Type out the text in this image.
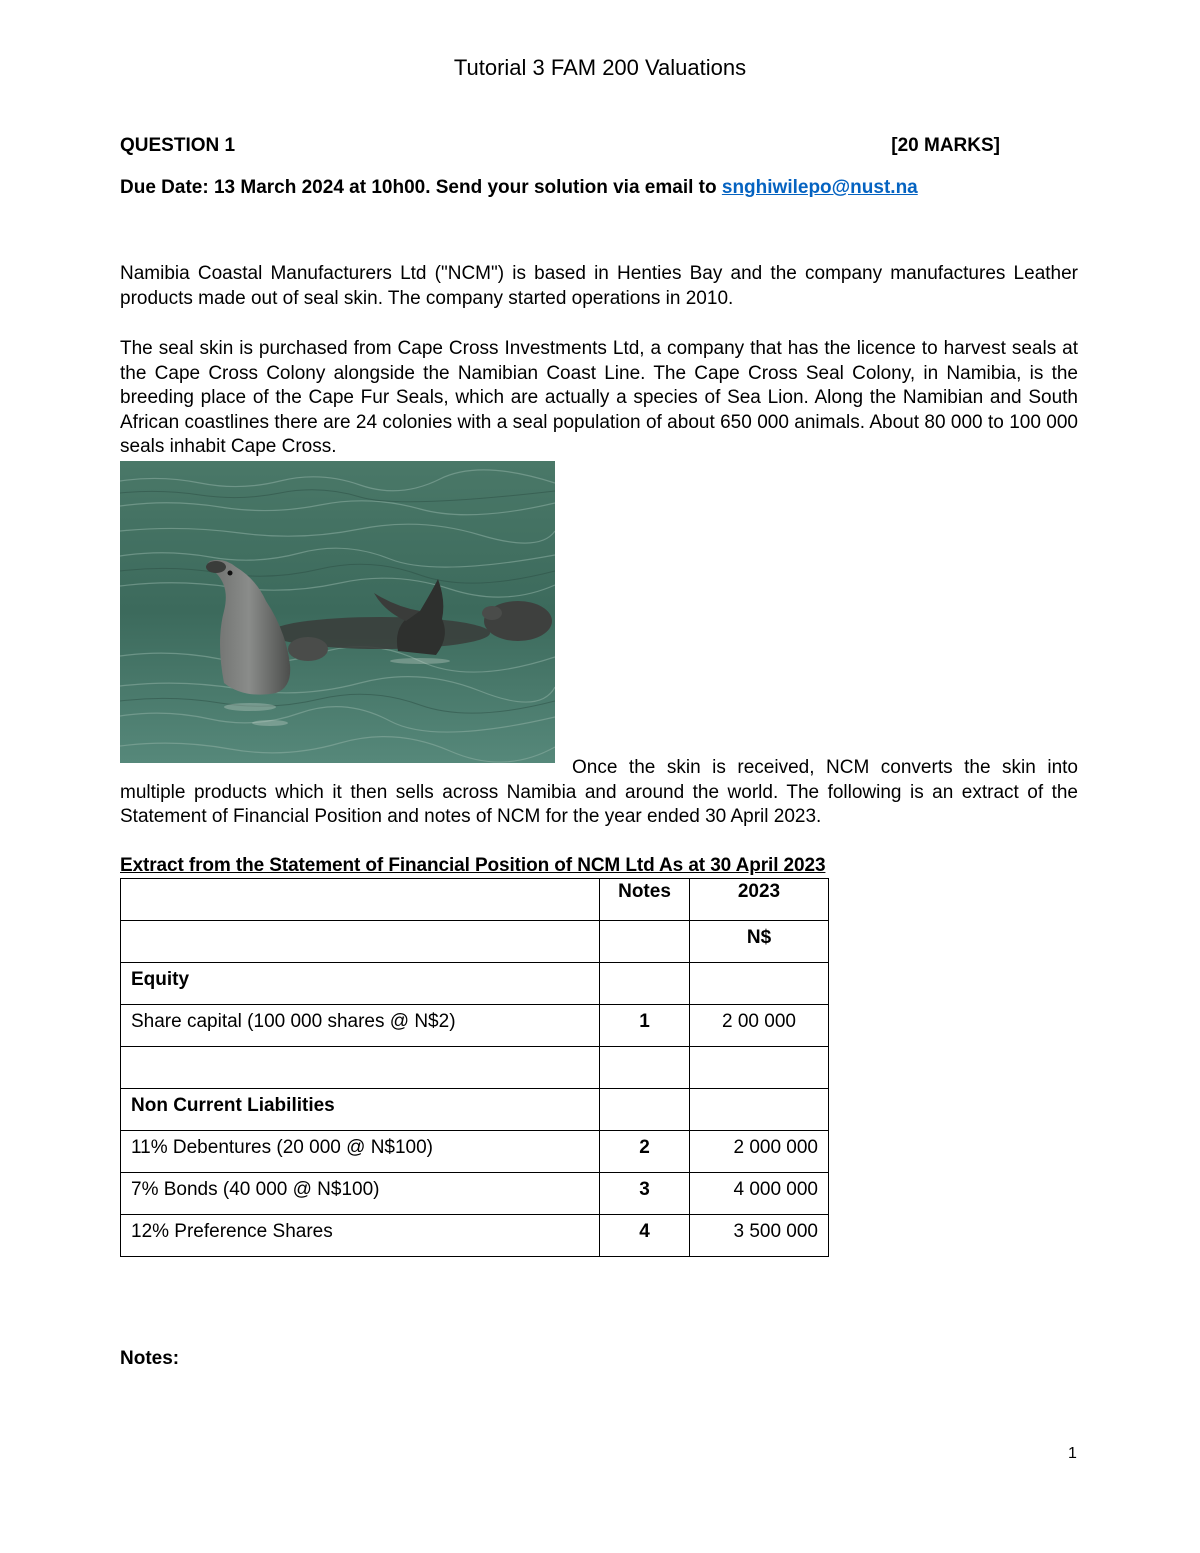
Tutorial 3 FAM 200 Valuations
QUESTION 1	[20 MARKS]
Due Date: 13 March 2024 at 10h00. Send your solution via email to snghiwilepo@nust.na
Namibia Coastal Manufacturers Ltd ("NCM") is based in Henties Bay and the company manufactures Leather products made out of seal skin. The company started operations in 2010.
The seal skin is purchased from Cape Cross Investments Ltd, a company that has the licence to harvest seals at the Cape Cross Colony alongside the Namibian Coast Line. The Cape Cross Seal Colony, in Namibia, is the breeding place of the Cape Fur Seals, which are actually a species of Sea Lion. Along the Namibian and South African coastlines there are 24 colonies with a seal population of about 650 000 animals. About 80 000 to 100 000 seals inhabit Cape Cross.
Once the skin is received, NCM converts the skin into multiple products which it then sells across Namibia and around the world. The following is an extract of the Statement of Financial Position and notes of NCM for the year ended 30 April 2023.
Extract from the Statement of Financial Position of NCM Ltd As at 30 April 2023
	Notes	2023
		N$
Equity		
Share capital (100 000 shares @ N$2)	1	2 00 000

Non Current Liabilities		
11% Debentures (20 000 @ N$100)	2	2 000 000
7% Bonds (40 000 @ N$100)	3	4 000 000
12% Preference Shares	4	3 500 000
Notes:
1
